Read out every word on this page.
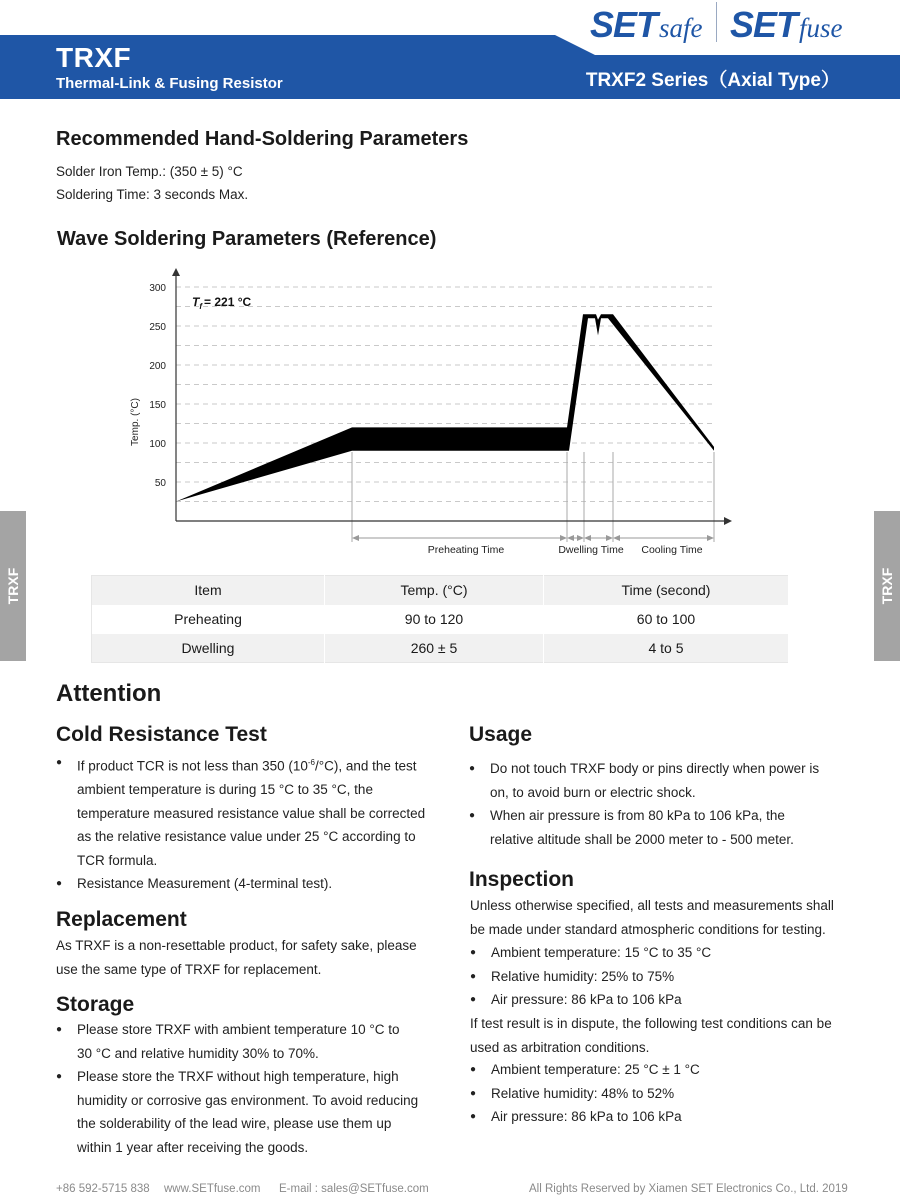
TRXF
Thermal-Link & Fusing Resistor	TRXF2 Series（Axial Type）
SETsafe SETfuse
TRXF	TRXF
Recommended Hand-Soldering Parameters
Solder Iron Temp.: (350 ± 5) °C
Soldering Time: 3 seconds Max.
Wave Soldering Parameters (Reference)
50
100
150
200
250
300
Temp. (°C)
$T_f = 221$ °C
Preheating Time	Dwelling Time Cooling Time
Item	Temp. (°C)	Time (second)
Preheating	90 to 120	60 to 100
Dwelling	260 ± 5	4 to 5
Attention
Cold Resistance Test
● If product TCR is not less than 350 $(10^{-6}/^\circ C)$, and the test
ambient temperature is during 15 °C to 35 °C, the
temperature measured resistance value shall be corrected
as the relative resistance value under 25 °C according to
TCR formula.
● Resistance Measurement (4-terminal test).
Replacement
As TRXF is a non-resettable product, for safety sake, please
use the same type of TRXF for replacement.
Storage
● Please store TRXF with ambient temperature 10 °C to
30 °C and relative humidity 30% to 70%.
● Please store the TRXF without high temperature, high
humidity or corrosive gas environment. To avoid reducing
the solderability of the lead wire, please use them up
within 1 year after receiving the goods.
Usage
● Do not touch TRXF body or pins directly when power is
on, to avoid burn or electric shock.
● When air pressure is from 80 kPa to 106 kPa, the
relative altitude shall be 2000 meter to - 500 meter.
Inspection
Unless otherwise specified, all tests and measurements shall
be made under standard atmospheric conditions for testing.
● Ambient temperature: 15 °C to 35 °C
● Relative humidity: 25% to 75%
● Air pressure: 86 kPa to 106 kPa
If test result is in dispute, the following test conditions can be
used as arbitration conditions.
● Ambient temperature: 25 °C ± 1 °C
● Relative humidity: 48% to 52%
● Air pressure: 86 kPa to 106 kPa
+86 592-5715 838 www.SETfuse.com E-mail : sales@SETfuse.com	All Rights Reserved by Xiamen SET Electronics Co., Ltd. 2019
